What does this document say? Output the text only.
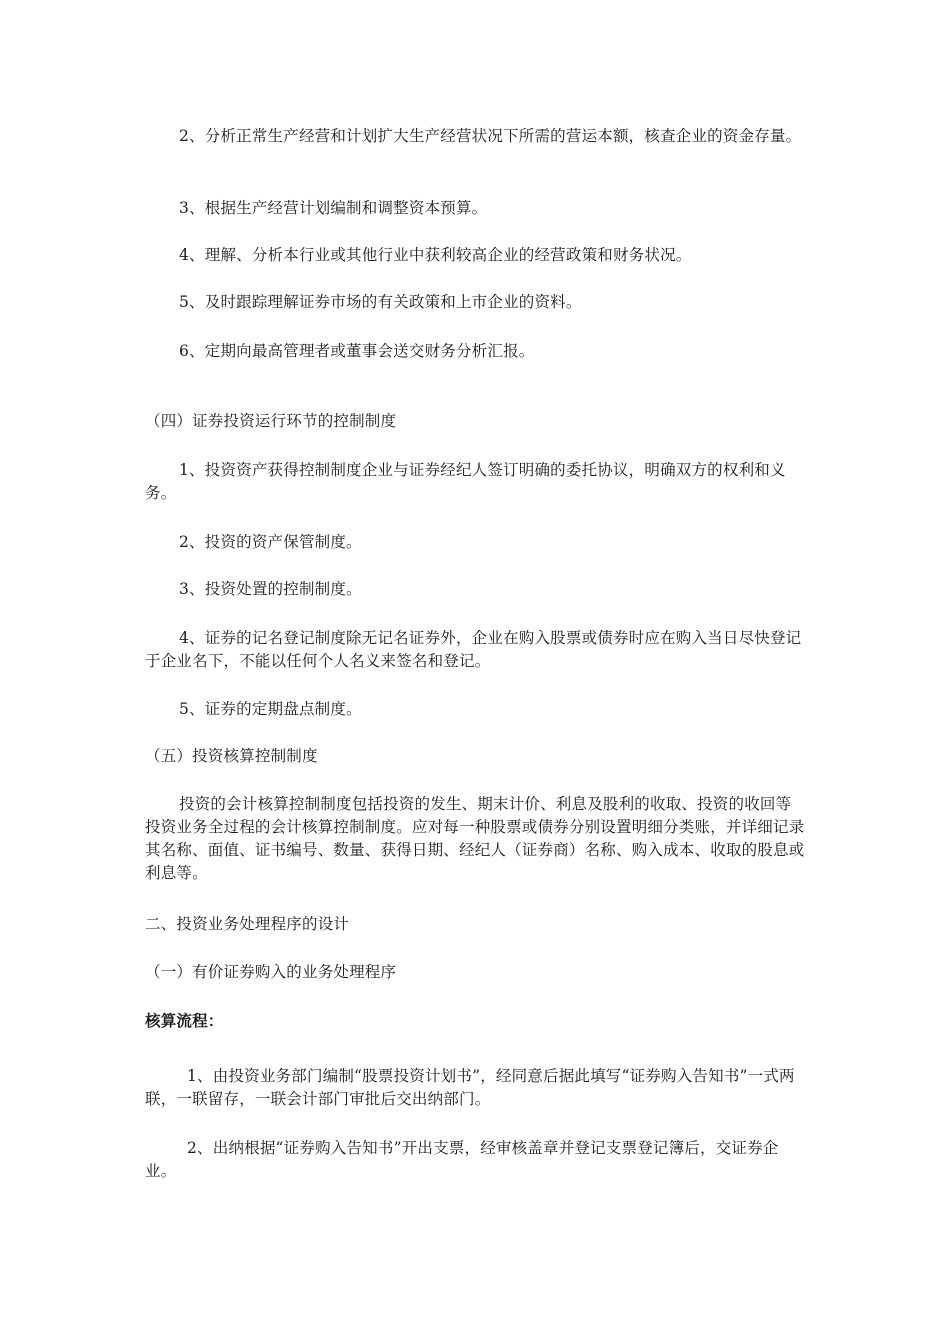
2、分析正常生产经营和计划扩大生产经营状况下所需的营运本额，核查企业的资金存量。

3、根据生产经营计划编制和调整资本预算。

4、理解、分析本行业或其他行业中获利较高企业的经营政策和财务状况。

5、及时跟踪理解证券市场的有关政策和上市企业的资料。

6、定期向最高管理者或董事会送交财务分析汇报。

（四）证券投资运行环节的控制制度

1、投资资产获得控制制度企业与证券经纪人签订明确的委托协议，明确双方的权利和义务。

2、投资的资产保管制度。

3、投资处置的控制制度。

4、证券的记名登记制度除无记名证券外，企业在购入股票或债券时应在购入当日尽快登记于企业名下，不能以任何个人名义来签名和登记。

5、证券的定期盘点制度。

（五）投资核算控制制度

投资的会计核算控制制度包括投资的发生、期末计价、利息及股利的收取、投资的收回等投资业务全过程的会计核算控制制度。应对每一种股票或债券分别设置明细分类账，并详细记录其名称、面值、证书编号、数量、获得日期、经纪人（证券商）名称、购入成本、收取的股息或利息等。

二、投资业务处理程序的设计

（一）有价证券购入的业务处理程序

核算流程：

1、由投资业务部门编制“股票投资计划书”，经同意后据此填写“证券购入告知书”一式两联，一联留存，一联会计部门审批后交出纳部门。

2、出纳根据“证券购入告知书”开出支票，经审核盖章并登记支票登记簿后，交证券企业。
